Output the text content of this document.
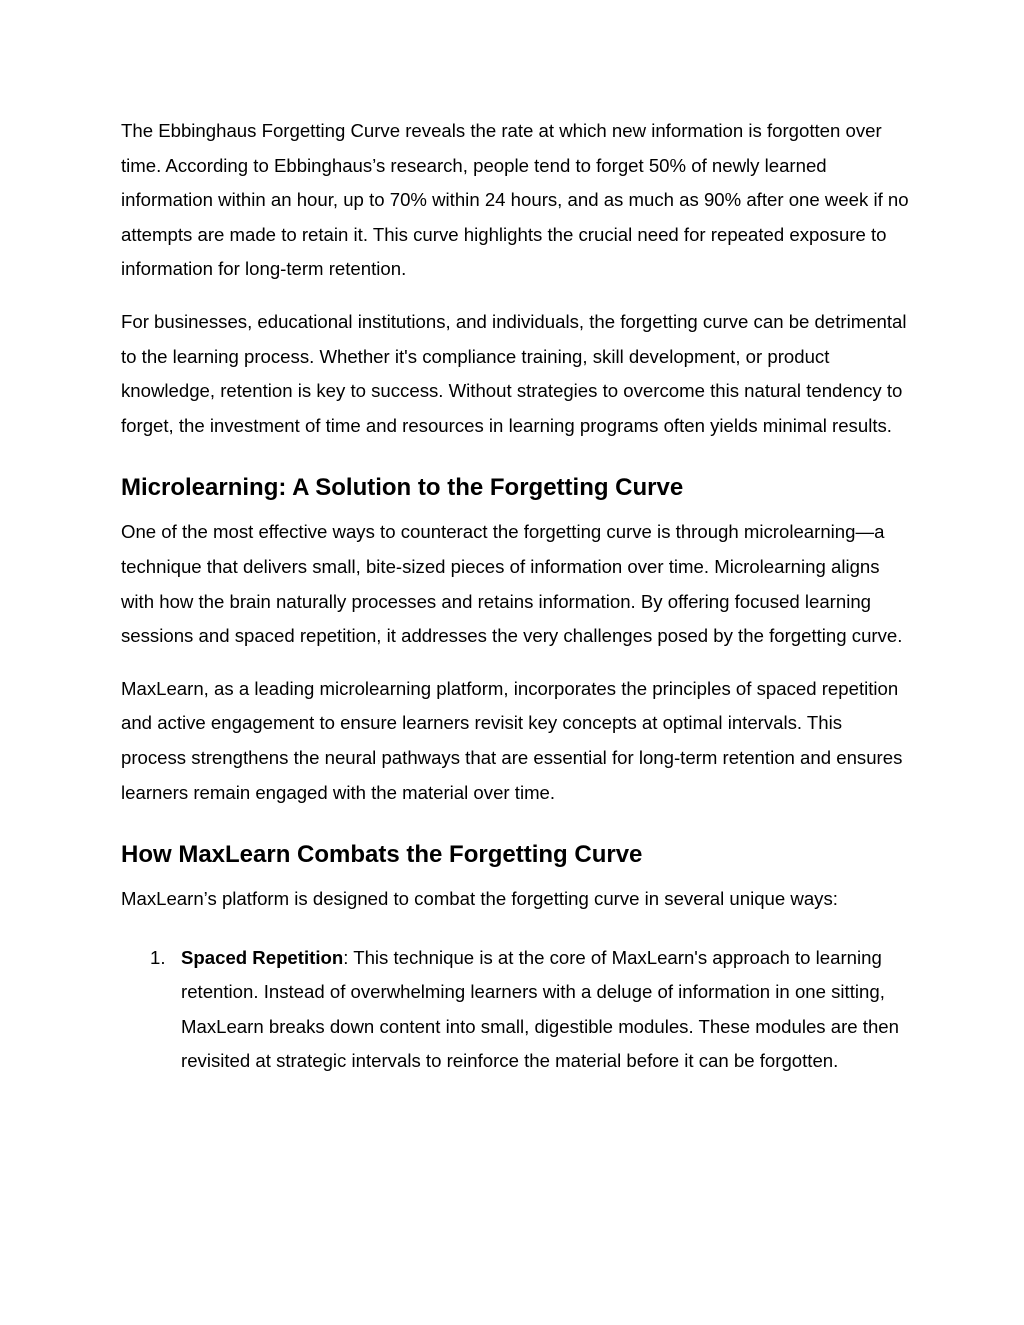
The Ebbinghaus Forgetting Curve reveals the rate at which new information is forgotten over time. According to Ebbinghaus’s research, people tend to forget 50% of newly learned information within an hour, up to 70% within 24 hours, and as much as 90% after one week if no attempts are made to retain it. This curve highlights the crucial need for repeated exposure to information for long-term retention.

For businesses, educational institutions, and individuals, the forgetting curve can be detrimental to the learning process. Whether it's compliance training, skill development, or product knowledge, retention is key to success. Without strategies to overcome this natural tendency to forget, the investment of time and resources in learning programs often yields minimal results.

Microlearning: A Solution to the Forgetting Curve

One of the most effective ways to counteract the forgetting curve is through microlearning—a technique that delivers small, bite-sized pieces of information over time. Microlearning aligns with how the brain naturally processes and retains information. By offering focused learning sessions and spaced repetition, it addresses the very challenges posed by the forgetting curve.

MaxLearn, as a leading microlearning platform, incorporates the principles of spaced repetition and active engagement to ensure learners revisit key concepts at optimal intervals. This process strengthens the neural pathways that are essential for long-term retention and ensures learners remain engaged with the material over time.

How MaxLearn Combats the Forgetting Curve

MaxLearn’s platform is designed to combat the forgetting curve in several unique ways:

1. Spaced Repetition: This technique is at the core of MaxLearn's approach to learning retention. Instead of overwhelming learners with a deluge of information in one sitting, MaxLearn breaks down content into small, digestible modules. These modules are then revisited at strategic intervals to reinforce the material before it can be forgotten.
